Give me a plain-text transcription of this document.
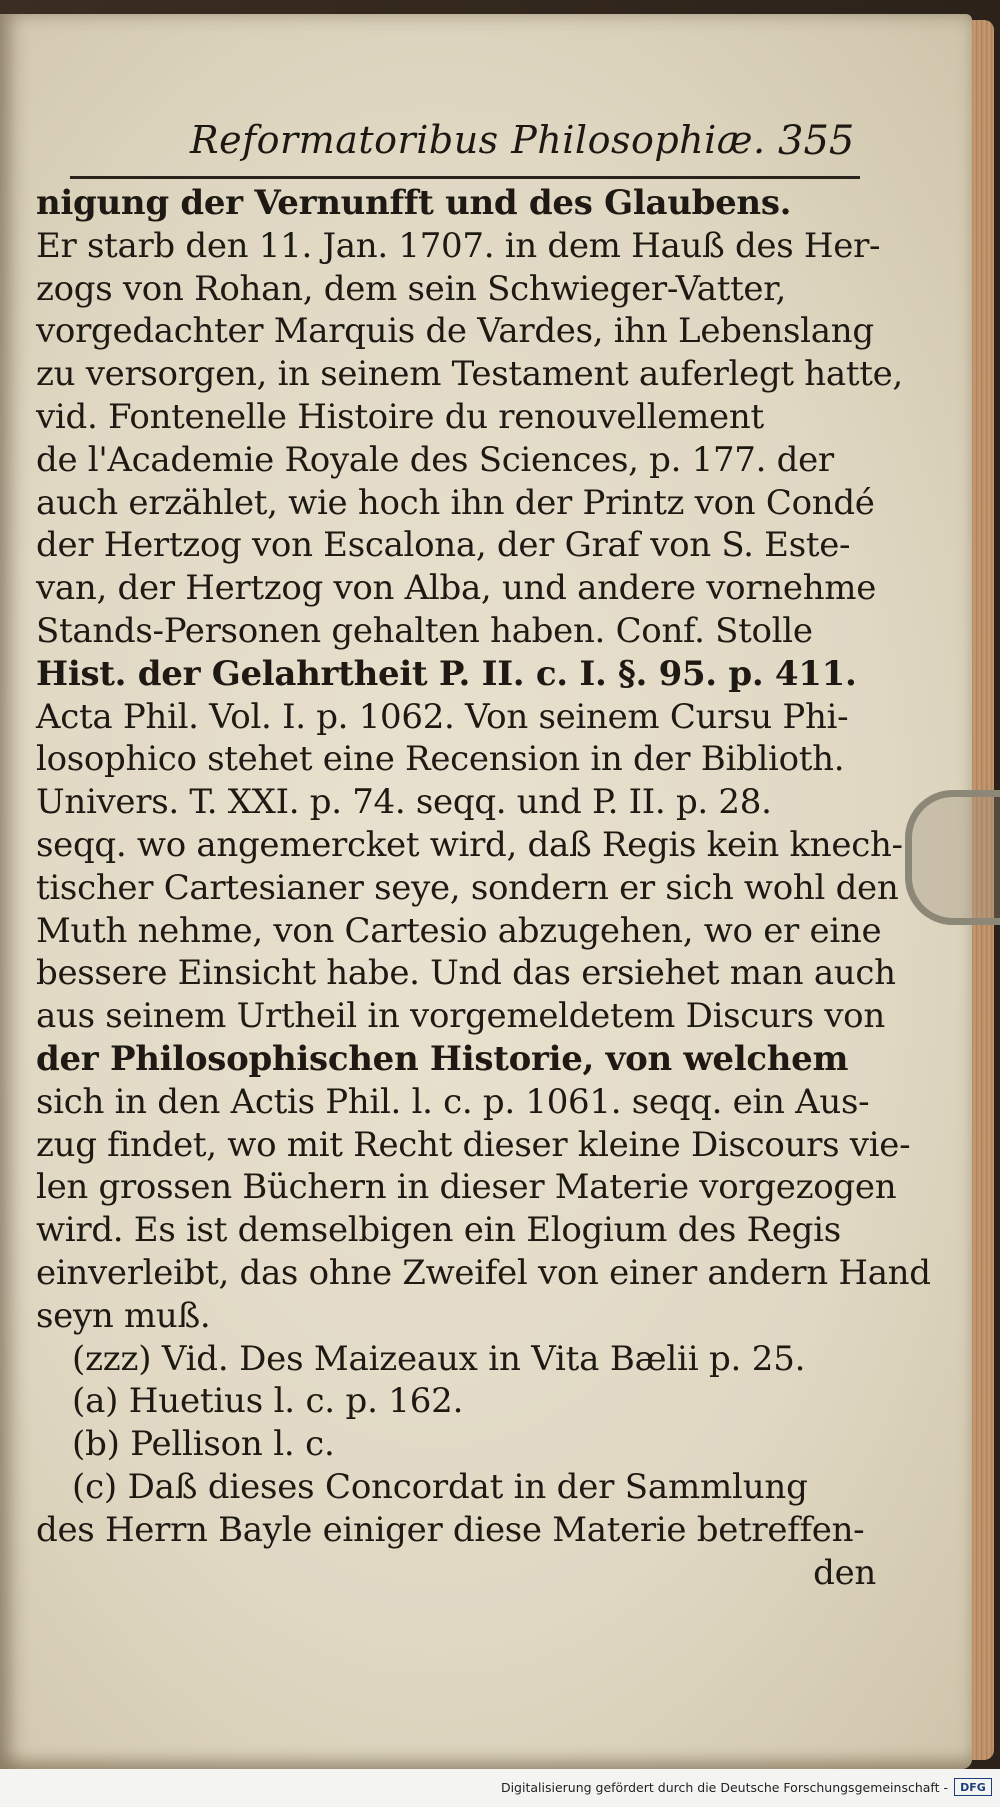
Reformatoribus Philosophiæ. 355
nigung der Vernunfft und des Glaubens.
Er starb den 11. Jan. 1707. in dem Hauß des Her-
zogs von Rohan, dem sein Schwieger-Vatter,
vorgedachter Marquis de Vardes, ihn Lebenslang
zu versorgen, in seinem Testament auferlegt hatte,
vid. Fontenelle Histoire du renouvellement
de l'Academie Royale des Sciences, p. 177. der
auch erzählet, wie hoch ihn der Printz von Condé
der Hertzog von Escalona, der Graf von S. Este-
van, der Hertzog von Alba, und andere vornehme
Stands-Personen gehalten haben. Conf. Stolle
Hist. der Gelahrtheit P. II. c. I. §. 95. p. 411.
Acta Phil. Vol. I. p. 1062. Von seinem Cursu Phi-
losophico stehet eine Recension in der Biblioth.
Univers. T. XXI. p. 74. seqq. und P. II. p. 28.
seqq. wo angemercket wird, daß Regis kein knech-
tischer Cartesianer seye, sondern er sich wohl den
Muth nehme, von Cartesio abzugehen, wo er eine
bessere Einsicht habe. Und das ersiehet man auch
aus seinem Urtheil in vorgemeldetem Discurs von
der Philosophischen Historie, von welchem
sich in den Actis Phil. l. c. p. 1061. seqq. ein Aus-
zug findet, wo mit Recht dieser kleine Discours vie-
len grossen Büchern in dieser Materie vorgezogen
wird. Es ist demselbigen ein Elogium des Regis
einverleibt, das ohne Zweifel von einer andern Hand
seyn muß.
(zzz) Vid. Des Maizeaux in Vita Bælii p. 25.
(a) Huetius l. c. p. 162.
(b) Pellison l. c.
(c) Daß dieses Concordat in der Sammlung
des Herrn Bayle einiger diese Materie betreffen-
den
Digitalisierung gefördert durch die Deutsche Forschungsgemeinschaft -	DFG
